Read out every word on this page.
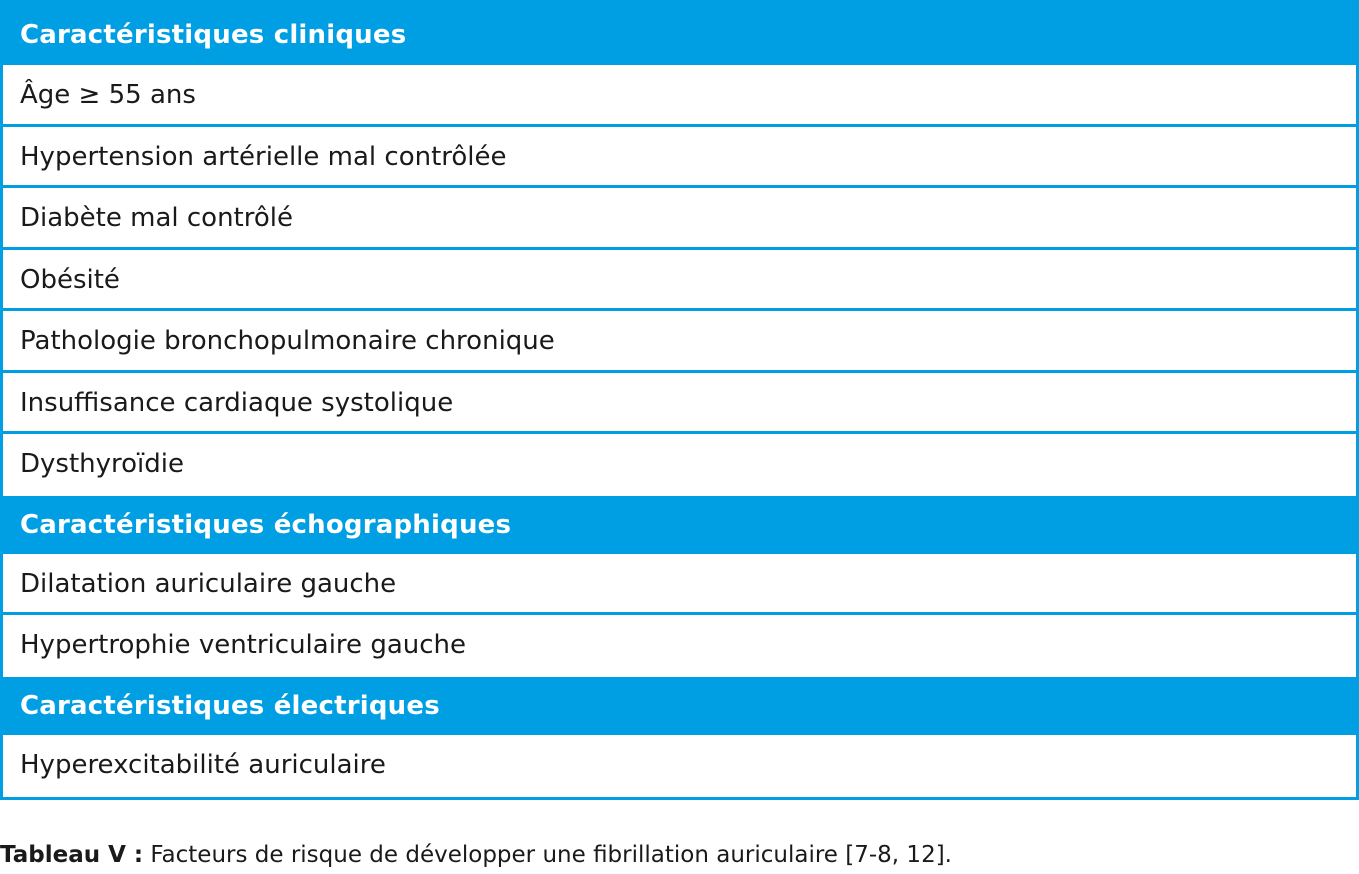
Caractéristiques cliniques
Âge ≥ 55 ans
Hypertension artérielle mal contrôlée
Diabète mal contrôlé
Obésité
Pathologie bronchopulmonaire chronique
Insuffisance cardiaque systolique
Dysthyroïdie
Caractéristiques échographiques
Dilatation auriculaire gauche
Hypertrophie ventriculaire gauche
Caractéristiques électriques
Hyperexcitabilité auriculaire
Tableau V : Facteurs de risque de développer une fibrillation auriculaire [7-8, 12].
